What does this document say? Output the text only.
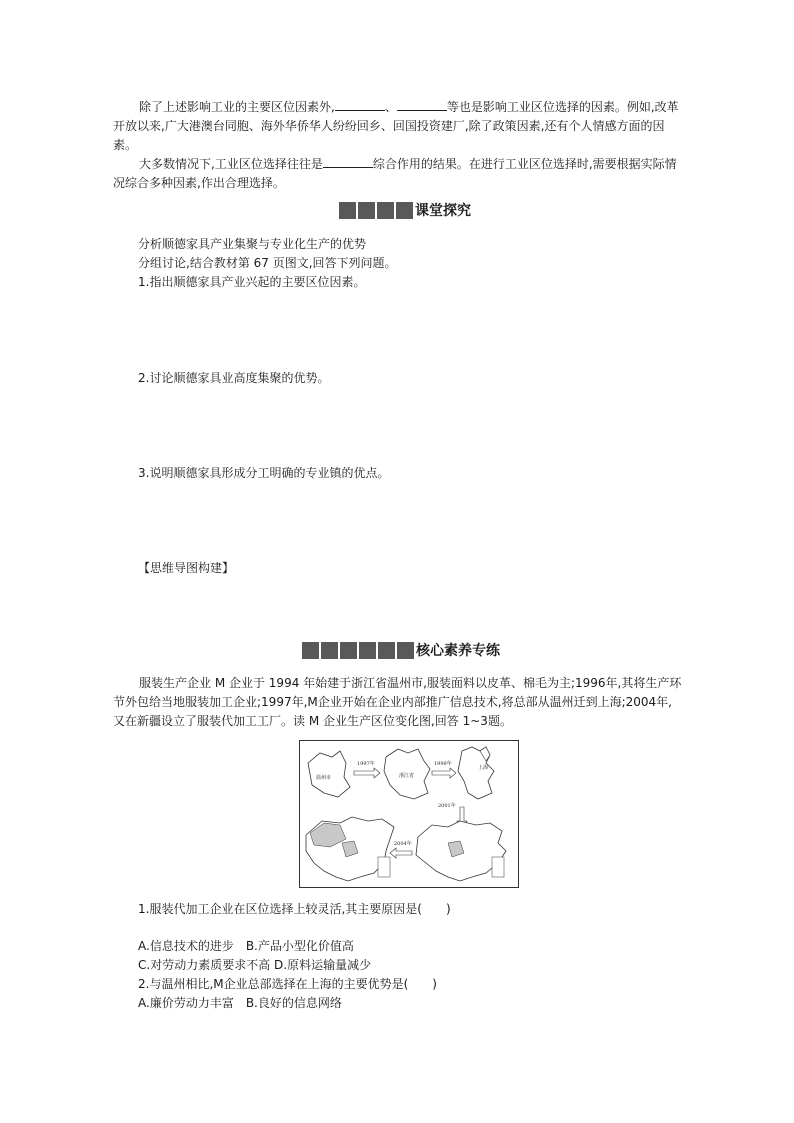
除了上述影响工业的主要区位因素外,	、	等也是影响工业区位选择的因素。例如,改革开放以来,广大港澳台同胞、海外华侨华人纷纷回乡、回国投资建厂,除了政策因素,还有个人情感方面的因素。

大多数情况下,工业区位选择往往是	综合作用的结果。在进行工业区位选择时,需要根据实际情况综合多种因素,作出合理选择。

课堂探究

分析顺德家具产业集聚与专业化生产的优势

分组讨论,结合教材第 67 页图文,回答下列问题。

1.指出顺德家具产业兴起的主要区位因素。

2.讨论顺德家具业高度集聚的优势。

3.说明顺德家具形成分工明确的专业镇的优点。

【思维导图构建】

核心素养专练

服装生产企业 M 企业于 1994 年始建于浙江省温州市,服装面料以皮革、棉毛为主;1996年,其将生产环节外包给当地服装加工企业;1997年,M企业开始在企业内部推广信息技术,将总部从温州迁到上海;2004年,又在新疆设立了服装代加工工厂。读 M 企业生产区位变化图,回答 1~3题。

温州市
1997年
浙江省
1999年
上海
2001年
2004年

1.服装代加工企业在区位选择上较灵活,其主要原因是(　　)

A.信息技术的进步　B.产品小型化价值高

C.对劳动力素质要求不高 D.原料运输量减少

2.与温州相比,M企业总部选择在上海的主要优势是(　　)

A.廉价劳动力丰富　B.良好的信息网络
